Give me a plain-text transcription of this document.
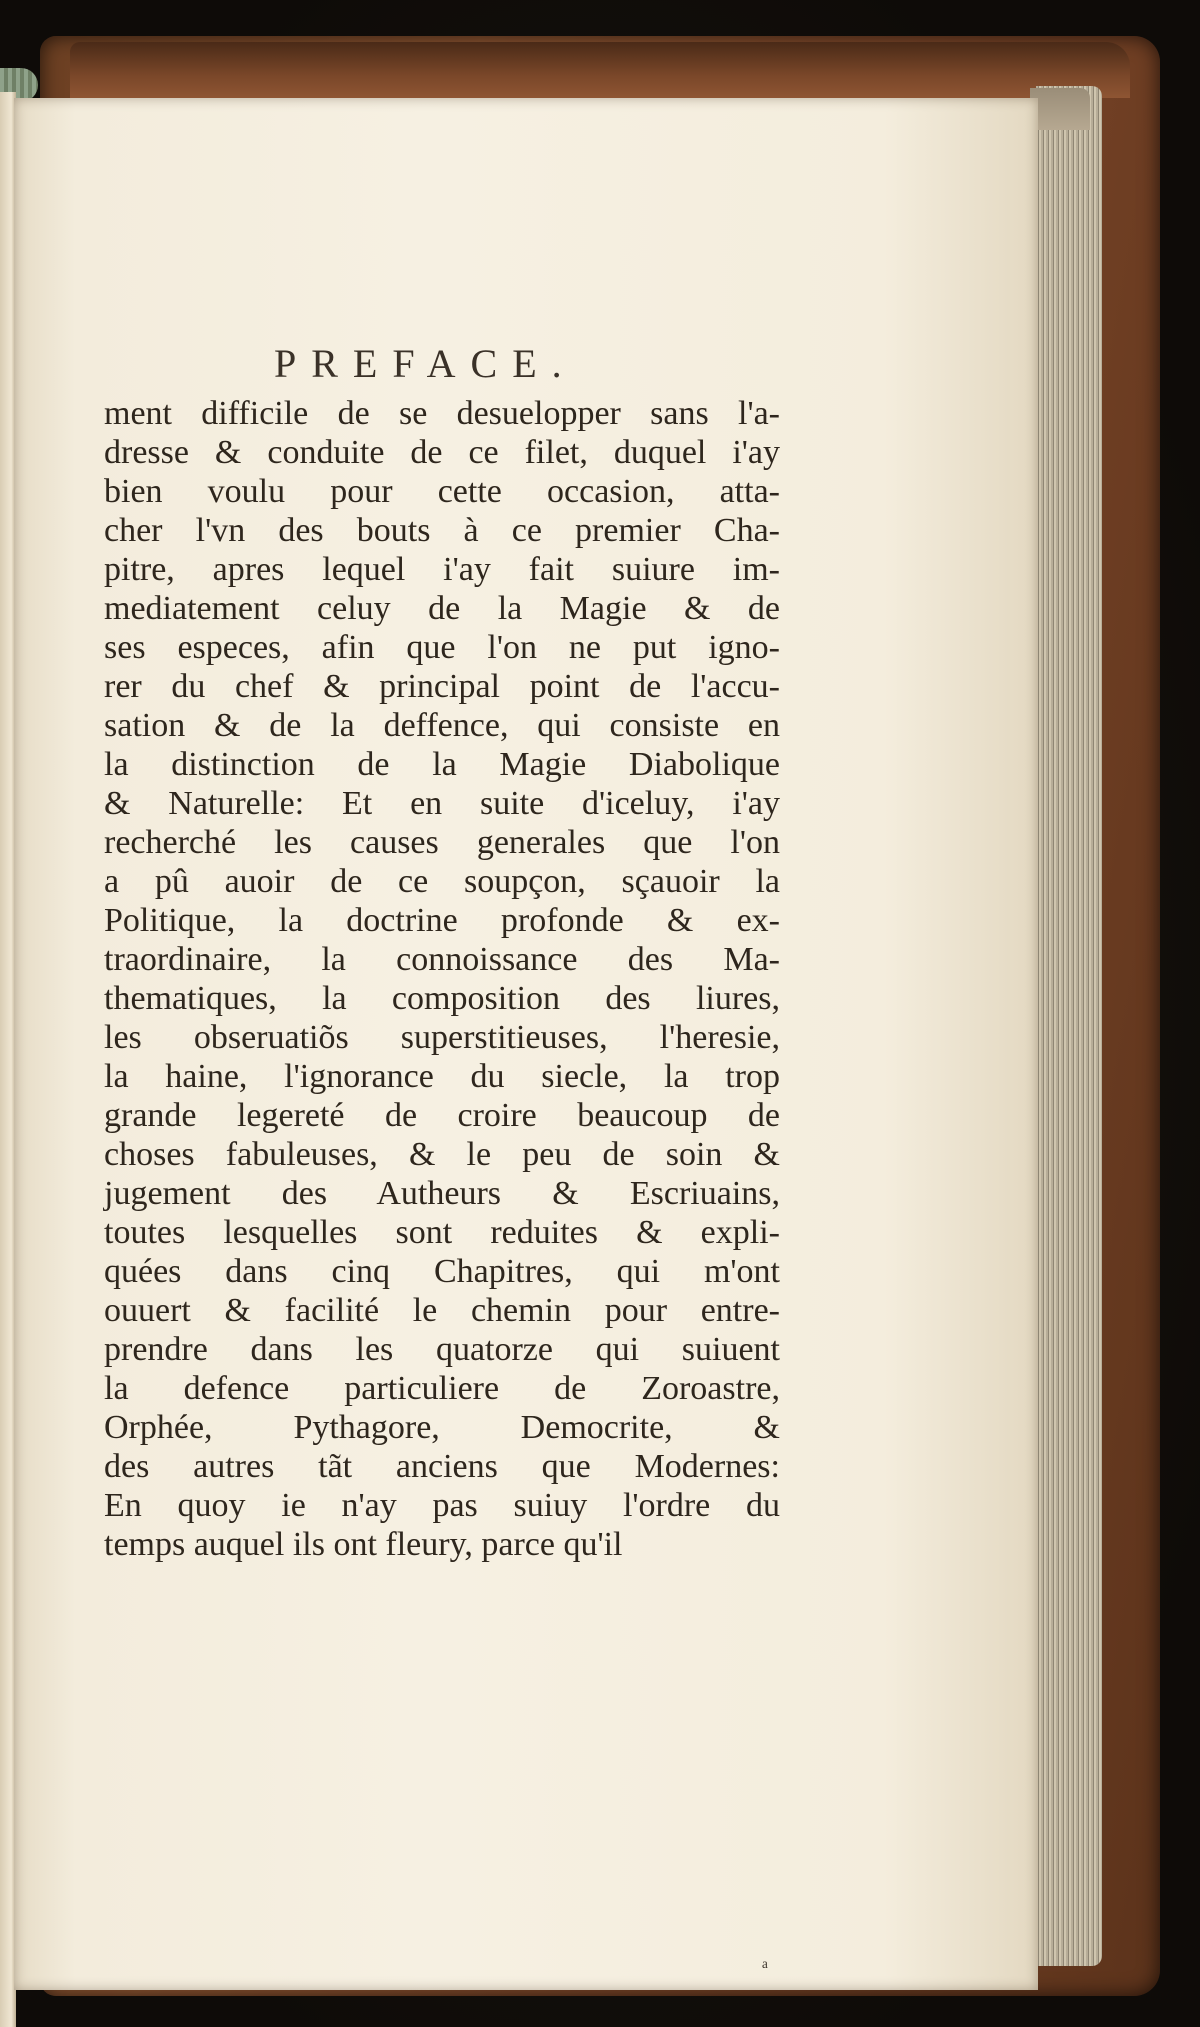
PREFACE.
ment difficile de se desuelopper sans l'a-
dresse & conduite de ce filet, duquel i'ay
bien voulu pour cette occasion, atta-
cher l'vn des bouts à ce premier Cha-
pitre, apres lequel i'ay fait suiure im-
mediatement celuy de la Magie & de
ses especes, afin que l'on ne put igno-
rer du chef & principal point de l'accu-
sation & de la deffence, qui consiste en
la distinction de la Magie Diabolique
& Naturelle: Et en suite d'iceluy, i'ay
recherché les causes generales que l'on
a pû auoir de ce soupçon, sçauoir la
Politique, la doctrine profonde & ex-
traordinaire, la connoissance des Ma-
thematiques, la composition des liures,
les obseruatiõs superstitieuses, l'heresie,
la haine, l'ignorance du siecle, la trop
grande legereté de croire beaucoup de
choses fabuleuses, & le peu de soin &
jugement des Autheurs & Escriuains,
toutes lesquelles sont reduites & expli-
quées dans cinq Chapitres, qui m'ont
ouuert & facilité le chemin pour entre-
prendre dans les quatorze qui suiuent
la defence particuliere de Zoroastre,
Orphée, Pythagore, Democrite, &
des autres tãt anciens que Modernes:
En quoy ie n'ay pas suiuy l'ordre du
temps auquel ils ont fleury, parce qu'il
ᵃ
